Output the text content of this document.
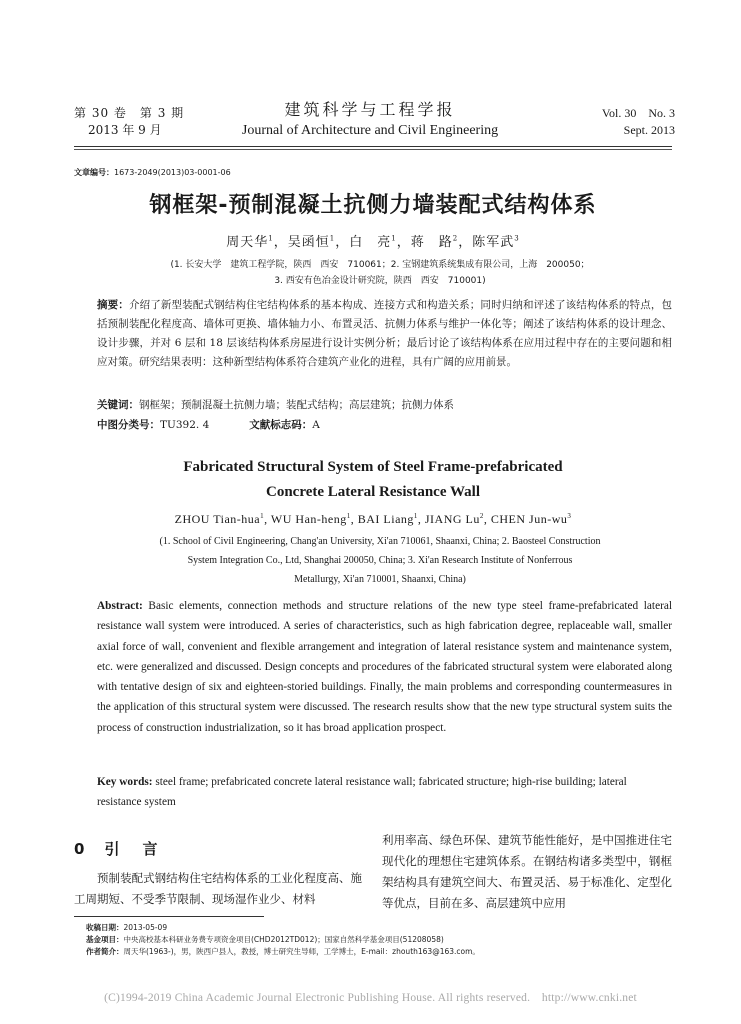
第 30 卷　第 3 期
2013 年 9 月
建筑科学与工程学报
Journal of Architecture and Civil Engineering
Vol. 30　No. 3
Sept. 2013
文章编号：1673-2049(2013)03-0001-06
钢框架-预制混凝土抗侧力墙装配式结构体系
周天华$^1$，吴函恒$^1$，白　亮$^1$，蒋　路$^2$，陈军武$^3$
(1. 长安大学　建筑工程学院，陕西　西安　710061；2. 宝钢建筑系统集成有限公司，上海　200050；
3. 西安有色冶金设计研究院，陕西　西安　710001)
摘要：介绍了新型装配式钢结构住宅结构体系的基本构成、连接方式和构造关系；同时归纳和评述了该结构体系的特点，包括预制装配化程度高、墙体可更换、墙体轴力小、布置灵活、抗侧力体系与维护一体化等；阐述了该结构体系的设计理念、设计步骤，并对 6 层和 18 层该结构体系房屋进行设计实例分析；最后讨论了该结构体系在应用过程中存在的主要问题和相应对策。研究结果表明：这种新型结构体系符合建筑产业化的进程，具有广阔的应用前景。
关键词：钢框架；预制混凝土抗侧力墙；装配式结构；高层建筑；抗侧力体系
中图分类号：TU392. 4	文献标志码：A
Fabricated Structural System of Steel Frame-prefabricated
Concrete Lateral Resistance Wall
ZHOU Tian-hua$^1$, WU Han-heng$^1$, BAI Liang$^1$, JIANG Lu$^2$, CHEN Jun-$wu^3$
(1. School of Civil Engineering, Chang'an University, Xi'an 710061, Shaanxi, China; 2. Baosteel Construction
System Integration Co., Ltd, Shanghai 200050, China; 3. Xi'an Research Institute of Nonferrous
Metallurgy, Xi'an 710001, Shaanxi, China)
Abstract: Basic elements, connection methods and structure relations of the new type steel frame-prefabricated lateral resistance wall system were introduced. A series of characteristics, such as high fabrication degree, replaceable wall, smaller axial force of wall, convenient and flexible arrangement and integration of lateral resistance system and maintenance system, etc. were generalized and discussed. Design concepts and procedures of the fabricated structural system were elaborated along with tentative design of six and eighteen-storied buildings. Finally, the main problems and corresponding countermeasures in the application of this structural system were discussed. The research results show that the new type structural system suits the process of construction industrialization, so it has broad application prospect.
Key words: steel frame; prefabricated concrete lateral resistance wall; fabricated structure; high-rise building; lateral resistance system
0 引　言
预制装配式钢结构住宅结构体系的工业化程度高、施工周期短、不受季节限制、现场湿作业少、材料
利用率高、绿色环保、建筑节能性能好，是中国推进住宅现代化的理想住宅建筑体系。在钢结构诸多类型中，钢框架结构具有建筑空间大、布置灵活、易于标准化、定型化等优点，目前在多、高层建筑中应用
收稿日期：2013-05-09
基金项目：中央高校基本科研业务费专项资金项目(CHD2012TD012)；国家自然科学基金项目(51208058)
作者简介：周天华(1963-)，男，陕西户县人，教授，博士研究生导师，工学博士，E-mail：zhouth163@163.com。
(C)1994-2019 China Academic Journal Electronic Publishing House. All rights reserved.　http://www.cnki.net
